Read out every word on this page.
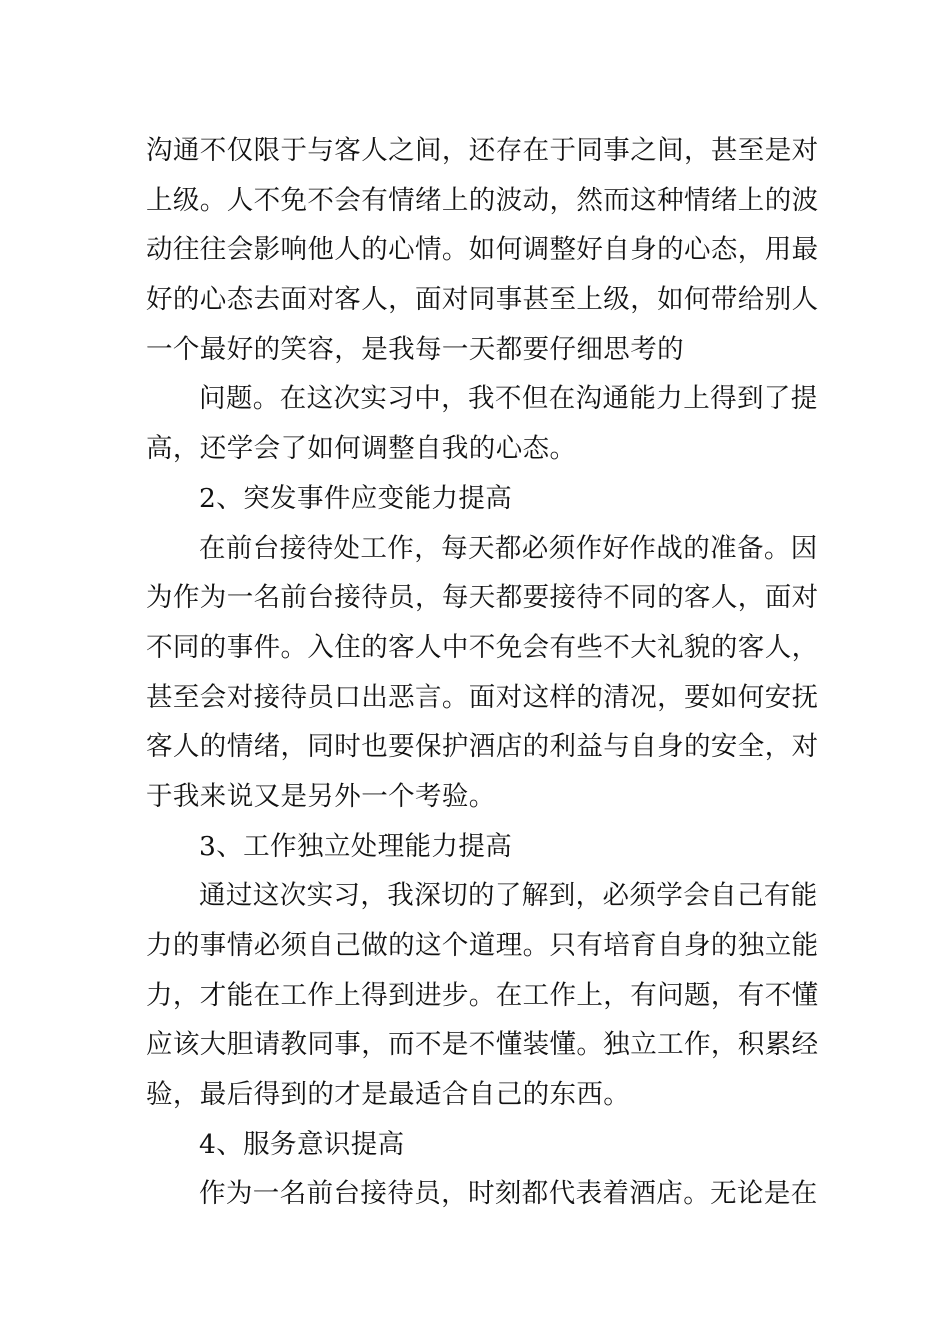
沟通不仅限于与客人之间，还存在于同事之间，甚至是对
上级。人不免不会有情绪上的波动，然而这种情绪上的波
动往往会影响他人的心情。如何调整好自身的心态，用最
好的心态去面对客人，面对同事甚至上级，如何带给别人
一个最好的笑容，是我每一天都要仔细思考的
问题。在这次实习中，我不但在沟通能力上得到了提
高，还学会了如何调整自我的心态。
2、突发事件应变能力提高
在前台接待处工作，每天都必须作好作战的准备。因
为作为一名前台接待员，每天都要接待不同的客人，面对
不同的事件。入住的客人中不免会有些不大礼貌的客人，
甚至会对接待员口出恶言。面对这样的清况，要如何安抚
客人的情绪，同时也要保护酒店的利益与自身的安全，对
于我来说又是另外一个考验。
3、工作独立处理能力提高
通过这次实习，我深切的了解到，必须学会自己有能
力的事情必须自己做的这个道理。只有培育自身的独立能
力，才能在工作上得到进步。在工作上，有问题，有不懂
应该大胆请教同事，而不是不懂装懂。独立工作，积累经
验，最后得到的才是最适合自己的东西。
4、服务意识提高
作为一名前台接待员，时刻都代表着酒店。无论是在
